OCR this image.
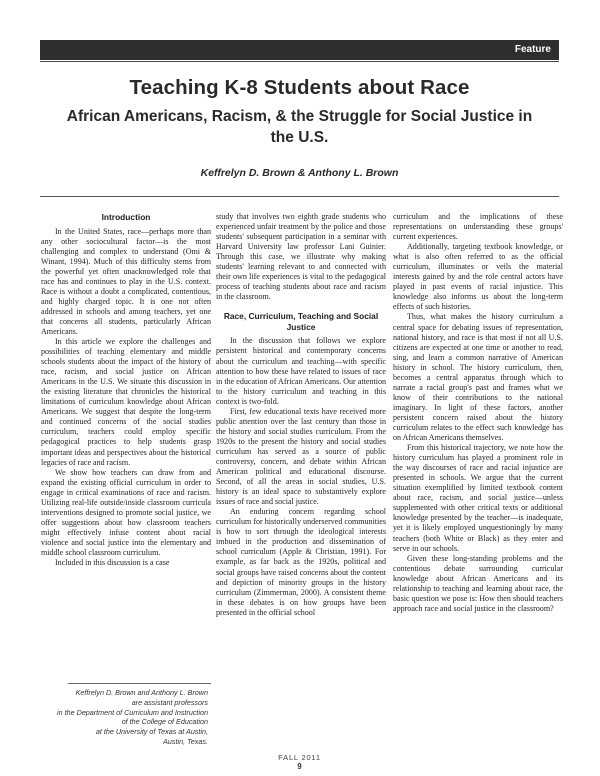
Feature
Teaching K-8 Students about Race
African Americans, Racism, & the Struggle for Social Justice in the U.S.
Keffrelyn D. Brown & Anthony L. Brown
Introduction

In the United States, race—perhaps more than any other sociocultural factor—is the most challenging and complex to understand (Omi & Winant, 1994). Much of this difficulty stems from the powerful yet often unacknowledged role that race has and continues to play in the U.S. context. Race is without a doubt a complicated, contentious, and highly charged topic. It is one not often addressed in schools and among teachers, yet one that concerns all students, particularly African Americans.

In this article we explore the challenges and possibilities of teaching elementary and middle schools students about the impact of the history of race, racism, and social justice on African Americans in the U.S. We situate this discussion in the existing literature that chronicles the historical limitations of curriculum knowledge about African Americans. We suggest that despite the long-term and continued concerns of the social studies curriculum, teachers could employ specific pedagogical practices to help students grasp important ideas and perspectives about the historical legacies of race and racism.

We show how teachers can draw from and expand the existing official curriculum in order to engage in critical examinations of race and racism. Utilizing real-life outside/inside classroom curricula interventions designed to promote social justice, we offer suggestions about how classroom teachers might effectively infuse content about racial violence and social justice into the elementary and middle school classroom curriculum.

Included in this discussion is a case

study that involves two eighth grade students who experienced unfair treatment by the police and those students' subsequent participation in a seminar with Harvard University law professor Lani Guinier. Through this case, we illustrate why making students' learning relevant to and connected with their own life experiences is vital to the pedagogical process of teaching students about race and racism in the classroom.

Race, Curriculum, Teaching and Social Justice

In the discussion that follows we explore persistent historical and contemporary concerns about the curriculum and teaching—with specific attention to how these have related to issues of race in the education of African Americans. Our attention to the history curriculum and teaching in this context is two-fold.

First, few educational texts have received more public attention over the last century than those in the history and social studies curriculum. From the 1920s to the present the history and social studies curriculum has served as a source of public controversy, concern, and debate within African American political and educational discourse. Second, of all the areas in social studies, U.S. history is an ideal space to substantively explore issues of race and social justice.

An enduring concern regarding school curriculum for historically underserved communities is how to sort through the ideological interests imbued in the production and dissemination of school curriculum (Apple & Christian, 1991). For example, as far back as the 1920s, political and social groups have raised concerns about the content and depiction of minority groups in the history curriculum (Zimmerman, 2000). A consistent theme in these debates is on how groups have been presented in the official school

curriculum and the implications of these representations on understanding these groups' current experiences.

Additionally, targeting textbook knowledge, or what is also often referred to as the official curriculum, illuminates or veils the material interests gained by and the role central actors have played in past events of racial injustice. This knowledge also informs us about the long-term effects of such histories.

Thus, what makes the history curriculum a central space for debating issues of representation, national history, and race is that most if not all U.S. citizens are expected at one time or another to read, sing, and learn a common narrative of American history in school. The history curriculum, then, becomes a central apparatus through which to narrate a racial group's past and frames what we know of their contributions to the national imaginary. In light of these factors, another persistent concern raised about the history curriculum relates to the effect such knowledge has on African Americans themselves.

From this historical trajectory, we note how the history curriculum has played a prominent role in the way discourses of race and racial injustice are presented in schools. We argue that the current situation exemplified by limited textbook content about race, racism, and social justice—unless supplemented with other critical texts or additional knowledge presented by the teacher—is inadequate, yet it is likely employed unquestioningly by many teachers (both White or Black) as they enter and serve in our schools.

Given these long-standing problems and the contentious debate surrounding curricular knowledge about African Americans and its relationship to teaching and learning about race, the basic question we pose is: How then should teachers approach race and social justice in the classroom?

Keffrelyn D. Brown and Anthony L. Brown
are assistant professors
in the Department of Curriculum and Instruction
of the College of Education
at the University of Texas at Austin,
Austin, Texas.
FALL 2011
9
